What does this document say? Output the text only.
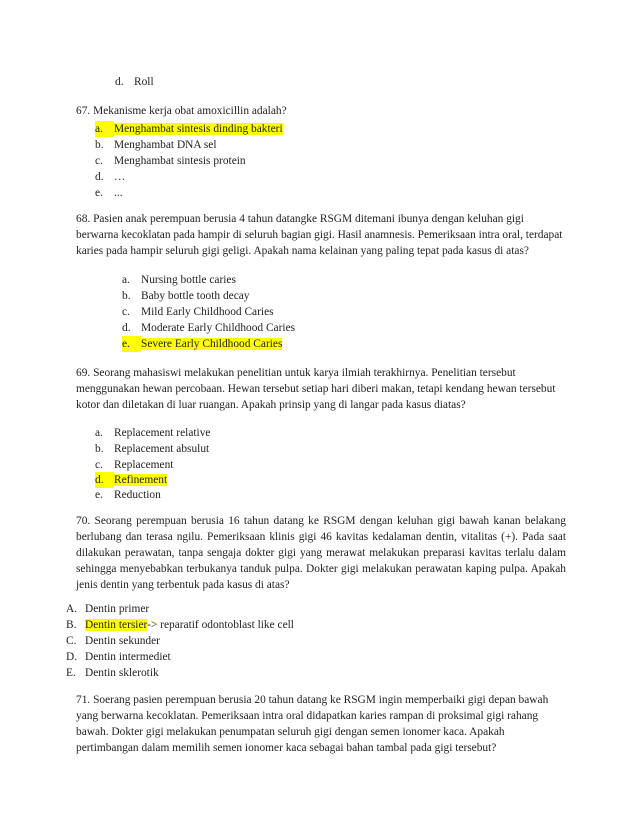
d. Roll
67. Mekanisme kerja obat amoxicillin adalah?
a. Menghambat sintesis dinding bakteri
b. Menghambat DNA sel
c. Menghambat sintesis protein
d. …
e. ...
68. Pasien anak perempuan berusia 4 tahun datangke RSGM ditemani ibunya dengan keluhan gigi berwarna kecoklatan pada hampir di seluruh bagian gigi. Hasil anamnesis. Pemeriksaan intra oral, terdapat karies pada hampir seluruh gigi geligi. Apakah nama kelainan yang paling tepat pada kasus di atas?
a. Nursing bottle caries
b. Baby bottle tooth decay
c. Mild Early Childhood Caries
d. Moderate Early Childhood Caries
e. Severe Early Childhood Caries
69. Seorang mahasiswi melakukan penelitian untuk karya ilmiah terakhirnya. Penelitian tersebut menggunakan hewan percobaan. Hewan tersebut setiap hari diberi makan, tetapi kendang hewan tersebut kotor dan diletakan di luar ruangan. Apakah prinsip yang di langar pada kasus diatas?
a. Replacement relative
b. Replacement absulut
c. Replacement
d. Refinement
e. Reduction
70. Seorang perempuan berusia 16 tahun datang ke RSGM dengan keluhan gigi bawah kanan belakang berlubang dan terasa ngilu. Pemeriksaan klinis gigi 46 kavitas kedalaman dentin, vitalitas (+). Pada saat dilakukan perawatan, tanpa sengaja dokter gigi yang merawat melakukan preparasi kavitas terlalu dalam sehingga menyebabkan terbukanya tanduk pulpa. Dokter gigi melakukan perawatan kaping pulpa. Apakah jenis dentin yang terbentuk pada kasus di atas?
A. Dentin primer
B. Dentin tersier-> reparatif odontoblast like cell
C. Dentin sekunder
D. Dentin intermediet
E. Dentin sklerotik
71. Soerang pasien perempuan berusia 20 tahun datang ke RSGM ingin memperbaiki gigi depan bawah yang berwarna kecoklatan. Pemeriksaan intra oral didapatkan karies rampan di proksimal gigi rahang bawah. Dokter gigi melakukan penumpatan seluruh gigi dengan semen ionomer kaca. Apakah pertimbangan dalam memilih semen ionomer kaca sebagai bahan tambal pada gigi tersebut?
